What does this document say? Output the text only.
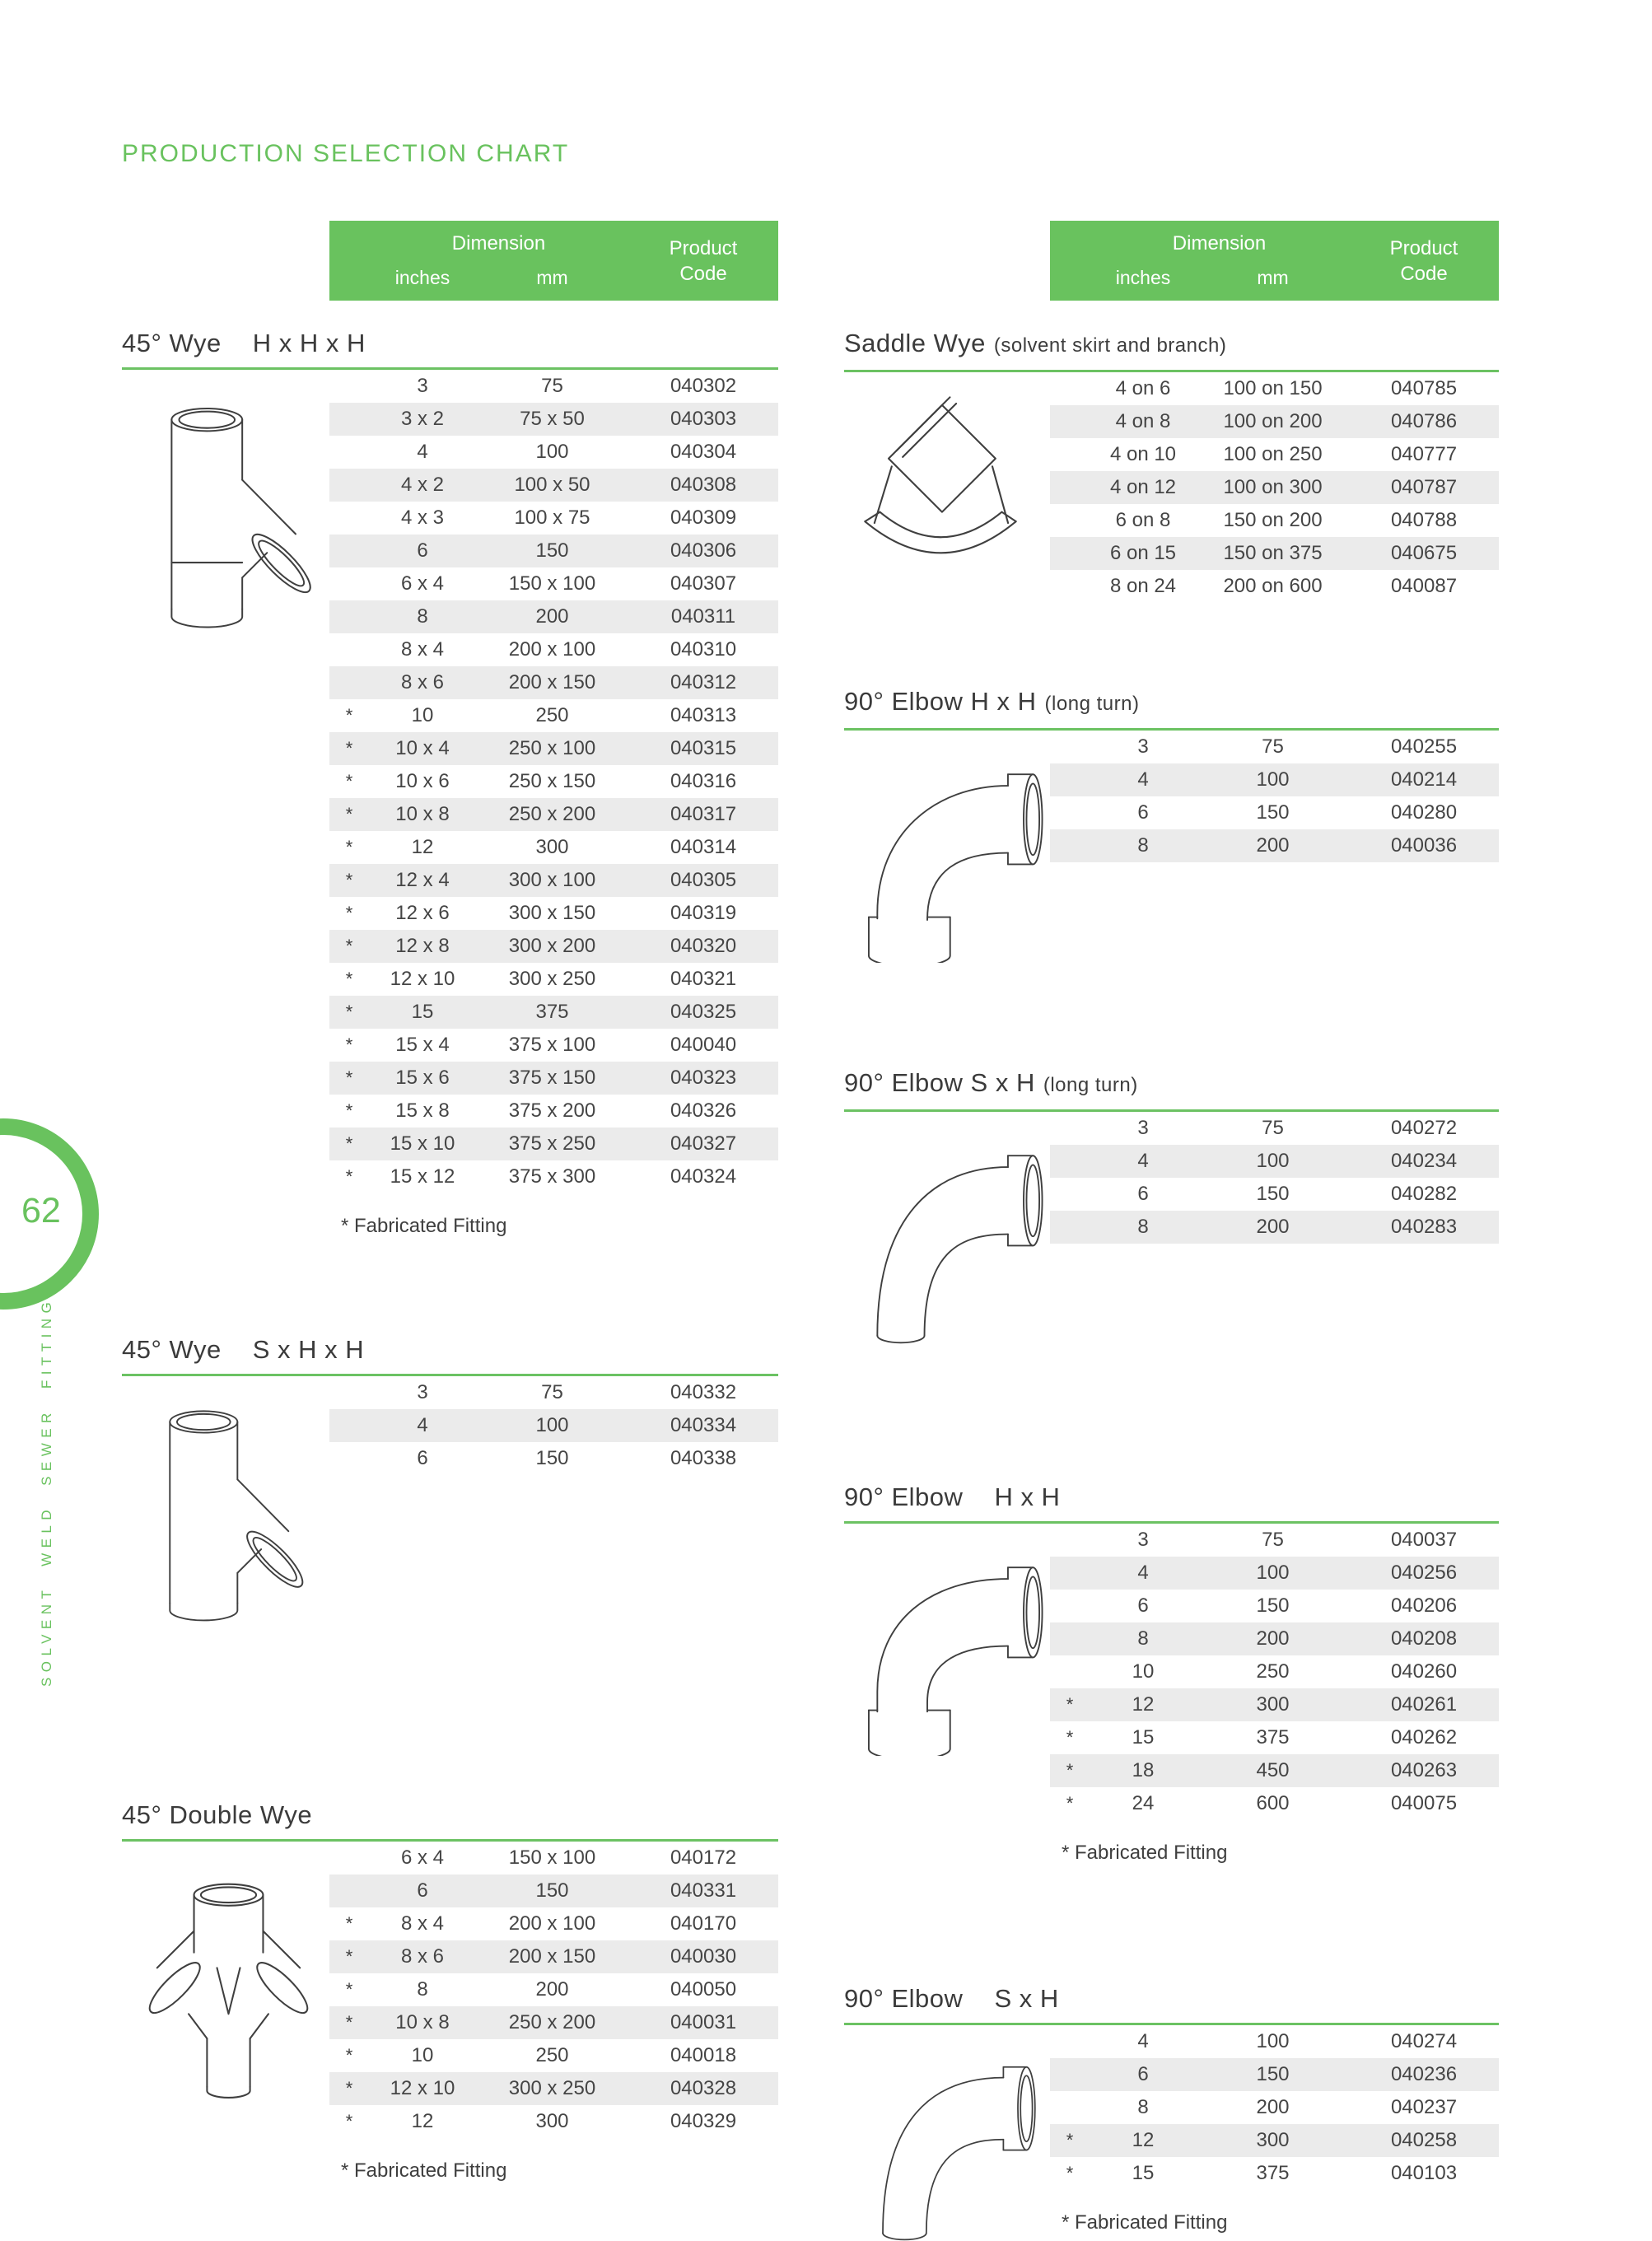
PRODUCTION SELECTION CHART
62
SOLVENT WELD SEWER FITTINGS
Dimension
inches	mm
Product Code
45° Wye H x H x H
	3	75	040302
	3 x 2	75 x 50	040303
	4	100	040304
	4 x 2	100 x 50	040308
	4 x 3	100 x 75	040309
	6	150	040306
	6 x 4	150 x 100	040307
	8	200	040311
	8 x 4	200 x 100	040310
	8 x 6	200 x 150	040312
*	10	250	040313
*	10 x 4	250 x 100	040315
*	10 x 6	250 x 150	040316
*	10 x 8	250 x 200	040317
*	12	300	040314
*	12 x 4	300 x 100	040305
*	12 x 6	300 x 150	040319
*	12 x 8	300 x 200	040320
*	12 x 10	300 x 250	040321
*	15	375	040325
*	15 x 4	375 x 100	040040
*	15 x 6	375 x 150	040323
*	15 x 8	375 x 200	040326
*	15 x 10	375 x 250	040327
*	15 x 12	375 x 300	040324
* Fabricated Fitting
45° Wye S x H x H
	3	75	040332
	4	100	040334
	6	150	040338
45° Double Wye
	6 x 4	150 x 100	040172
	6	150	040331
*	8 x 4	200 x 100	040170
*	8 x 6	200 x 150	040030
*	8	200	040050
*	10 x 8	250 x 200	040031
*	10	250	040018
*	12 x 10	300 x 250	040328
*	12	300	040329
* Fabricated Fitting
Dimension
inches	mm
Product Code
Saddle Wye (solvent skirt and branch)
	4 on 6	100 on 150	040785
	4 on 8	100 on 200	040786
	4 on 10	100 on 250	040777
	4 on 12	100 on 300	040787
	6 on 8	150 on 200	040788
	6 on 15	150 on 375	040675
	8 on 24	200 on 600	040087
90° Elbow H x H (long turn)
	3	75	040255
	4	100	040214
	6	150	040280
	8	200	040036
90° Elbow S x H (long turn)
	3	75	040272
	4	100	040234
	6	150	040282
	8	200	040283
90° Elbow H x H
	3	75	040037
	4	100	040256
	6	150	040206
	8	200	040208
	10	250	040260
*	12	300	040261
*	15	375	040262
*	18	450	040263
*	24	600	040075
* Fabricated Fitting
90° Elbow S x H
	4	100	040274
	6	150	040236
	8	200	040237
*	12	300	040258
*	15	375	040103
* Fabricated Fitting
